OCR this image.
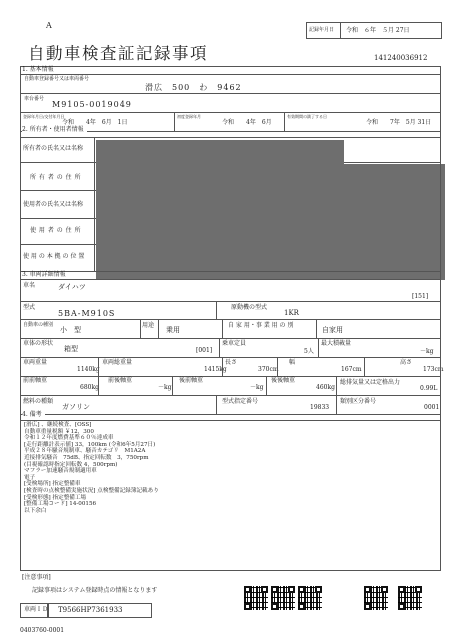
A
自動車検査証記録事項
記録年月日 令和　６年　５月 27日
141240036912
1. 基本情報
自動車登録番号又は車両番号
滑広　500　わ　9462
車台番号
M9105-0019049
登録年月日/交付年月日
令和　　4年　6月　1日
初度登録年月
令和　　4年　6月
有効期間の満了する日
令和　　7年　5月 31日
2. 所有者・使用者情報
所有者の氏名又は名称
所 有 者 の 住 所
使用者の氏名又は名称
使 用 者 の 住 所
使 用 の 本 拠 の 位 置
3. 車両詳細情報
車名	ダイハツ
[151]
型式
5BA-M910S
原動機の型式
1KR
自動車の種別
小　型
用途
乗用
自 家 用・事 業 用 の 別
自家用
車体の形状
箱型	[001]
乗車定員
5人
最大積載量
－kg
車両重量
1140kg
車両総重量
1415kg
長さ
370cm
幅
167cm
高さ
173cm
前前軸重
680kg
前後軸重
－kg
後前軸重
－kg
後後軸重
460kg
総排気量又は定格出力
0.99L
燃料の種類
ガソリン
型式指定番号
19833
類別区分番号
0001
4. 備考
[滑広] 、継続検査、[OSS]
自動車重量税額 ￥12，300
令和１２年度燃費基準６０％達成車
[走行距離計表示値] 33，100km (令和6年5月27日)
平成２８年騒音規制車、騒音カテゴリ　M1A2A
近接排気騒音　75dB、指定回転数　3，750rpm
(目視確認時指定回転数 4，500rpm)
マフラー加速騒音規制適用車
電子
[受検場所] 指定整備車
[検査時の点検整備実施状況] 点検整備記録簿記載あり
[受検形態] 指定整備工場
[整備工場コード] 14-00156
以下余白
[注意事項]
記録事項はシステム登録時点の情報となります
車両ＩＤ T9566HP7361933
0403760-0001
